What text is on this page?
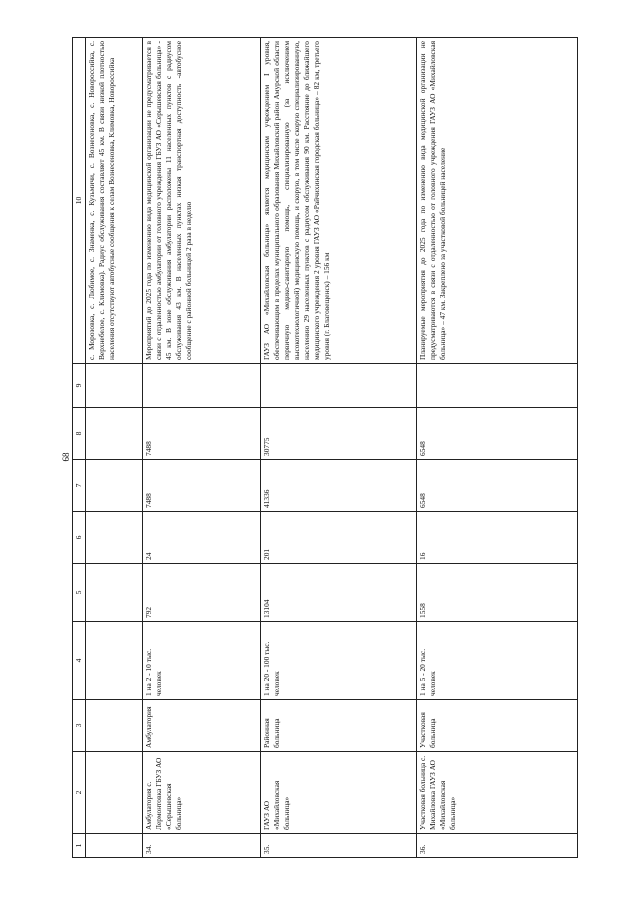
68
1	2	3	4	5	6	7	8	9	10
									с. Морозовка, с. Любимое, с. Знаменка, с. Кузьмичи, с. Вознесеновка, с. Новороссийка, с. Верхнебелое, с. Климовка). Радиус обслуживания составляет 45 км. В связи низкой плотностью населения отсутствуют автобусные сообщения к селам Вознесеновка, Климовка, Новороссийка
34.	Амбулатория с. Лермонтовка ГБУЗ АО «Серышевская больница»	Амбулатория	1 на 2 - 10 тыс. человек	792	24	7488	7488		Мероприятий до 2025 года по изменению вида медицинской организации не предусматривается в связи с отдаленностью амбулатории от головного учреждения ГБУЗ АО «Серышевская больница» - 45 км. В зоне обслуживания амбулатории расположены 11 населенных пунктов с радиусом обслуживания 43 км. В населенных пунктах низкая транспортная доступность -автобусное сообщение с районной больницей 2 раза в неделю
35.	ГАУЗ АО «Михайловская больница»	Районная больница	1 на 20 - 100 тыс. человек	13104	201	41336	30775		ГАУЗ АО «Михайловская больница» является медицинским учреждением I уровня, обеспечивающим в пределах муниципального образования Михайловский район Амурской области первичную медико-санитарную помощь, специализированную (за исключением высокотехнологичной) медицинскую помощь, и скорую, в том числе скорую специализированную, населению 29 населенных пунктов с радиусом обслуживания 90 км. Расстояние до ближайшего медицинского учреждения 2 уровня ГАУЗ АО «Райчихинская городская больница» – 82 км, третьего уровня (г. Благовещенск) – 156 км
36.	Участковая больница с. Михайловка ГАУЗ АО «Михайловская больница»	Участковая больница	1 на 5 - 20 тыс. человек	1558	16	6548	6548		Планируемые мероприятия до 2025 года по изменению вида медицинской организации не предусматриваются в связи с отдаленностью от головного учреждения ГАУЗ АО «Михайловская больница» – 47 км. Закреплено за участковой больницей население
